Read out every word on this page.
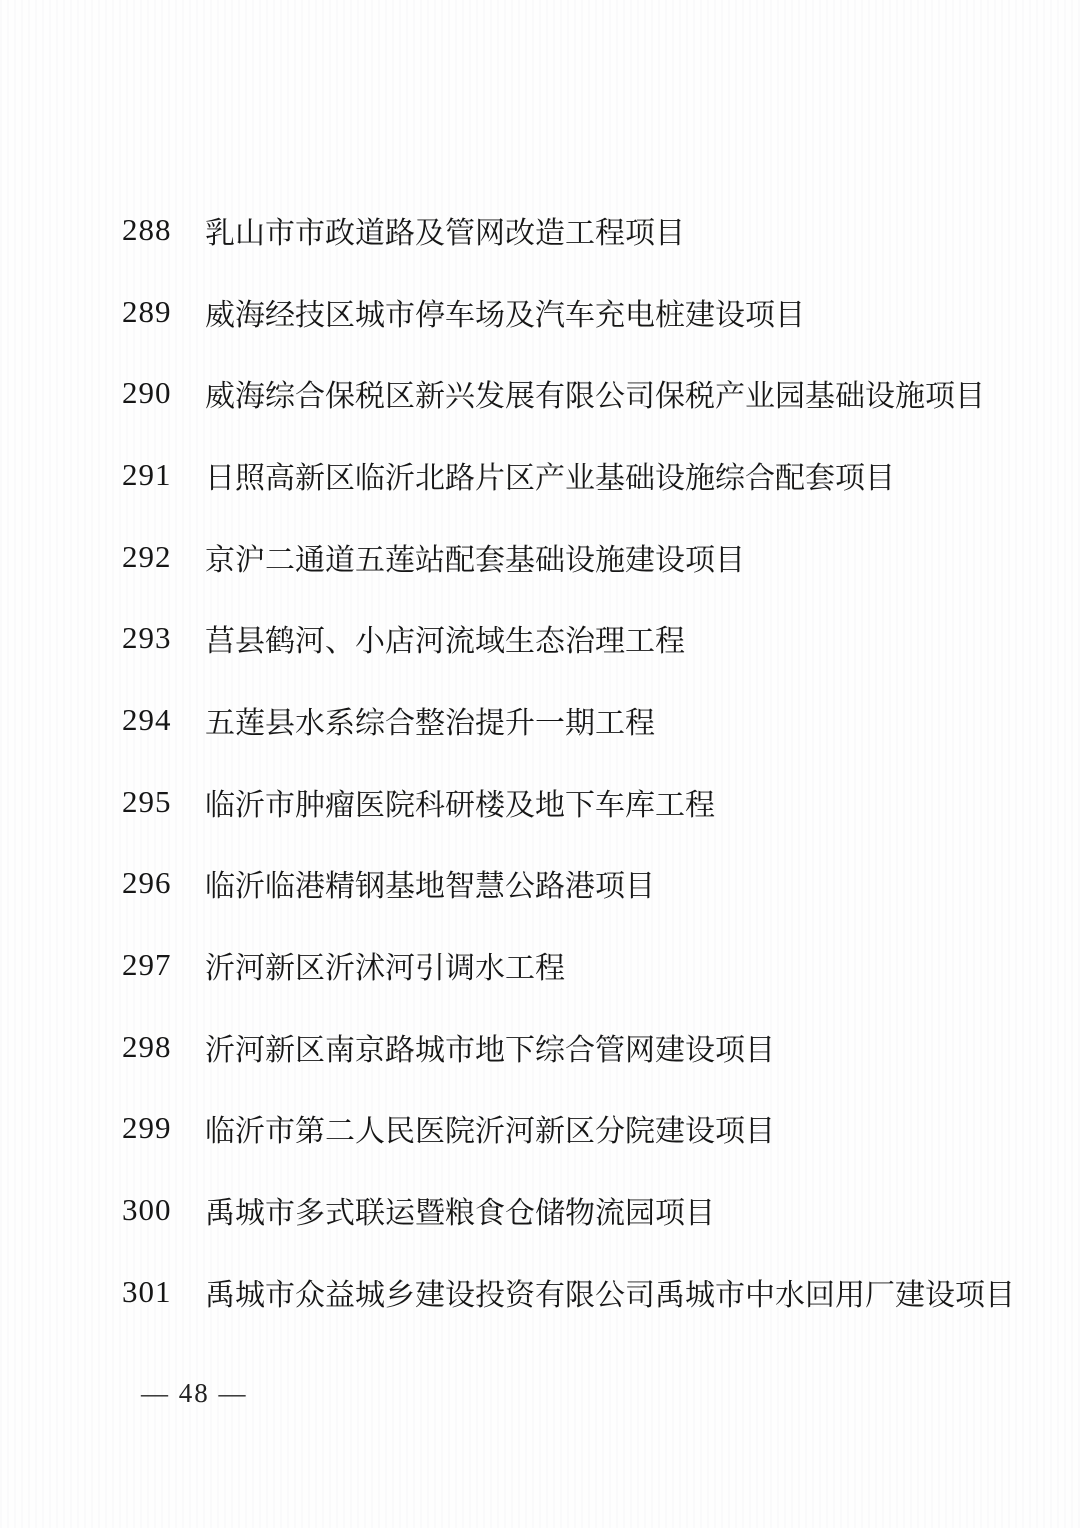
288	乳山市市政道路及管网改造工程项目
289	威海经技区城市停车场及汽车充电桩建设项目
290	威海综合保税区新兴发展有限公司保税产业园基础设施项目
291	日照高新区临沂北路片区产业基础设施综合配套项目
292	京沪二通道五莲站配套基础设施建设项目
293	莒县鹤河、小店河流域生态治理工程
294	五莲县水系综合整治提升一期工程
295	临沂市肿瘤医院科研楼及地下车库工程
296	临沂临港精钢基地智慧公路港项目
297	沂河新区沂沭河引调水工程
298	沂河新区南京路城市地下综合管网建设项目
299	临沂市第二人民医院沂河新区分院建设项目
300	禹城市多式联运暨粮食仓储物流园项目
301	禹城市众益城乡建设投资有限公司禹城市中水回用厂建设项目
— 48 —
